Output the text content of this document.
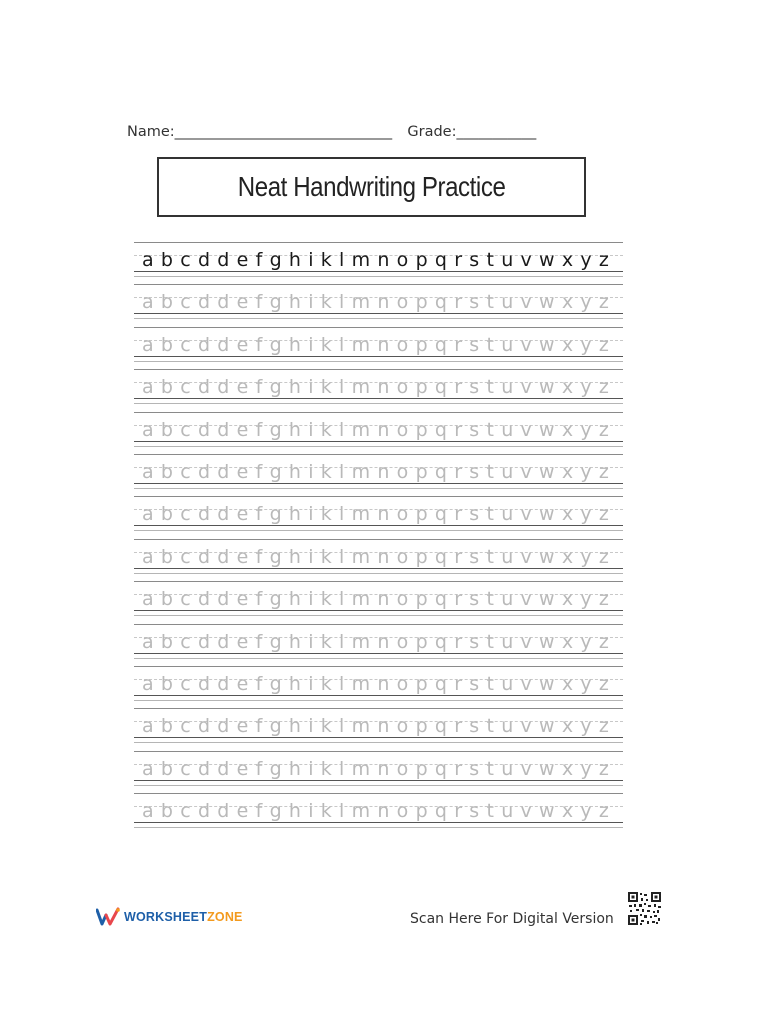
Name:______________________________ Grade:___________
Neat Handwriting Practice
a b c d d e f g h i k l m n o p q r s t u v w x y z
a b c d d e f g h i k l m n o p q r s t u v w x y z
a b c d d e f g h i k l m n o p q r s t u v w x y z
a b c d d e f g h i k l m n o p q r s t u v w x y z
a b c d d e f g h i k l m n o p q r s t u v w x y z
a b c d d e f g h i k l m n o p q r s t u v w x y z
a b c d d e f g h i k l m n o p q r s t u v w x y z
a b c d d e f g h i k l m n o p q r s t u v w x y z
a b c d d e f g h i k l m n o p q r s t u v w x y z
a b c d d e f g h i k l m n o p q r s t u v w x y z
a b c d d e f g h i k l m n o p q r s t u v w x y z
a b c d d e f g h i k l m n o p q r s t u v w x y z
a b c d d e f g h i k l m n o p q r s t u v w x y z
a b c d d e f g h i k l m n o p q r s t u v w x y z
WORKSHEETZONE	Scan Here For Digital Version
